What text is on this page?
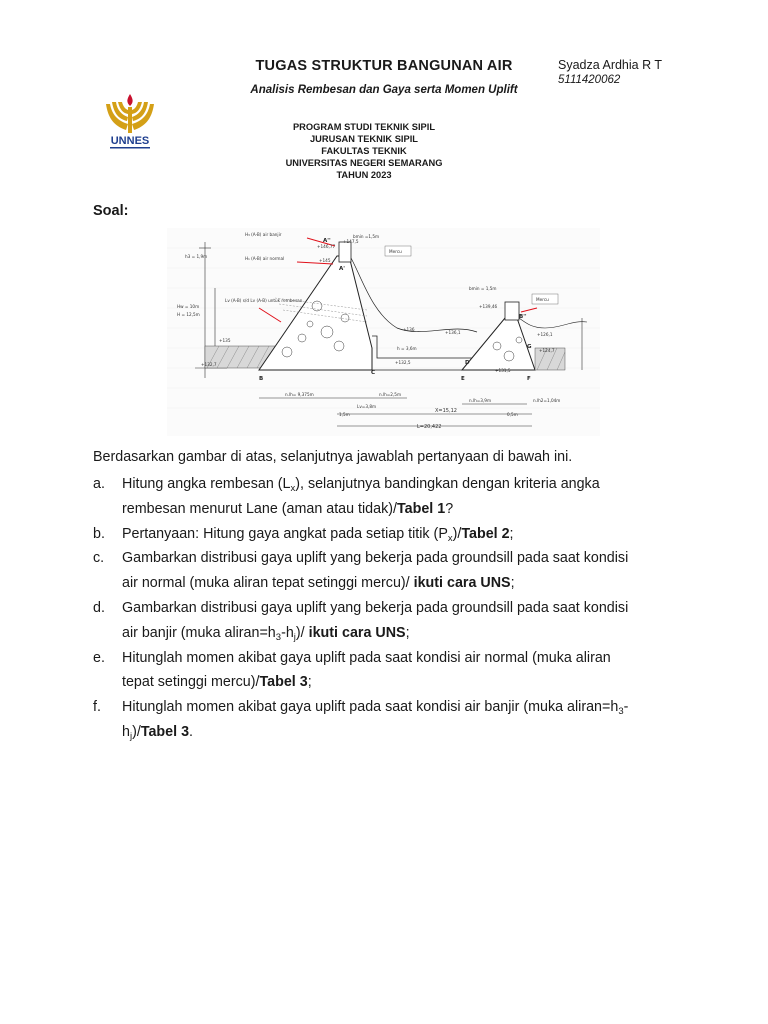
TUGAS STRUKTUR BANGUNAN AIR
Analisis Rembesan dan Gaya serta Momen Uplift
Syadza Ardhia R T
5111420062
UNNES
PROGRAM STUDI TEKNIK SIPIL
JURUSAN TEKNIK SIPIL
FAKULTAS TEKNIK
UNIVERSITAS NEGERI SEMARANG
TAHUN 2023
Soal:
H₃ (A-B) air banjir
H₁ (A-B) air normal
A''
A'
bmin =1,5m
+147,5
+146,77
+145
Mercu
Mercu
h3 = 1,9m
Hw = 10m
H = 12,5m
Lv (A-B) s/d Lv (A-B) untuk rembesan
+135
+132,7
+139,46
bmin = 1,5m
+136
+136,1
h = 3,6m
+132,5
+131,5
+126,1
+124,7
B''
G
F
D
E
C
B
n.lh= 9,375m	n.lh=2,5m
Lv=3,8m
1,5m	0,5m
n.lh=3,9m	n.lh2=1,04m
X=15,12
L=20,422
Berdasarkan gambar di atas, selanjutnya jawablah pertanyaan di bawah ini.
a.	Hitung angka rembesan $(L_x)$, selanjutnya bandingkan dengan kriteria angka
rembesan menurut Lane (aman atau tidak)/Tabel 1?
b.	Pertanyaan: Hitung gaya angkat pada setiap titik $(P_x)$/Tabel 2;
c.	Gambarkan distribusi gaya uplift yang bekerja pada groundsill pada saat kondisi
air normal (muka aliran tepat setinggi mercu)/ ikuti cara UNS;
d.	Gambarkan distribusi gaya uplift yang bekerja pada groundsill pada saat kondisi
air banjir (muka $aliran=h_3-h_j)/$ ikuti cara UNS;
e.	Hitunglah momen akibat gaya uplift pada saat kondisi air normal (muka aliran
tepat setinggi mercu)/Tabel 3;
f.	Hitunglah momen akibat gaya uplift pada saat kondisi air banjir (muka $aliran=h_3-$
$h_j$)/Tabel 3.
